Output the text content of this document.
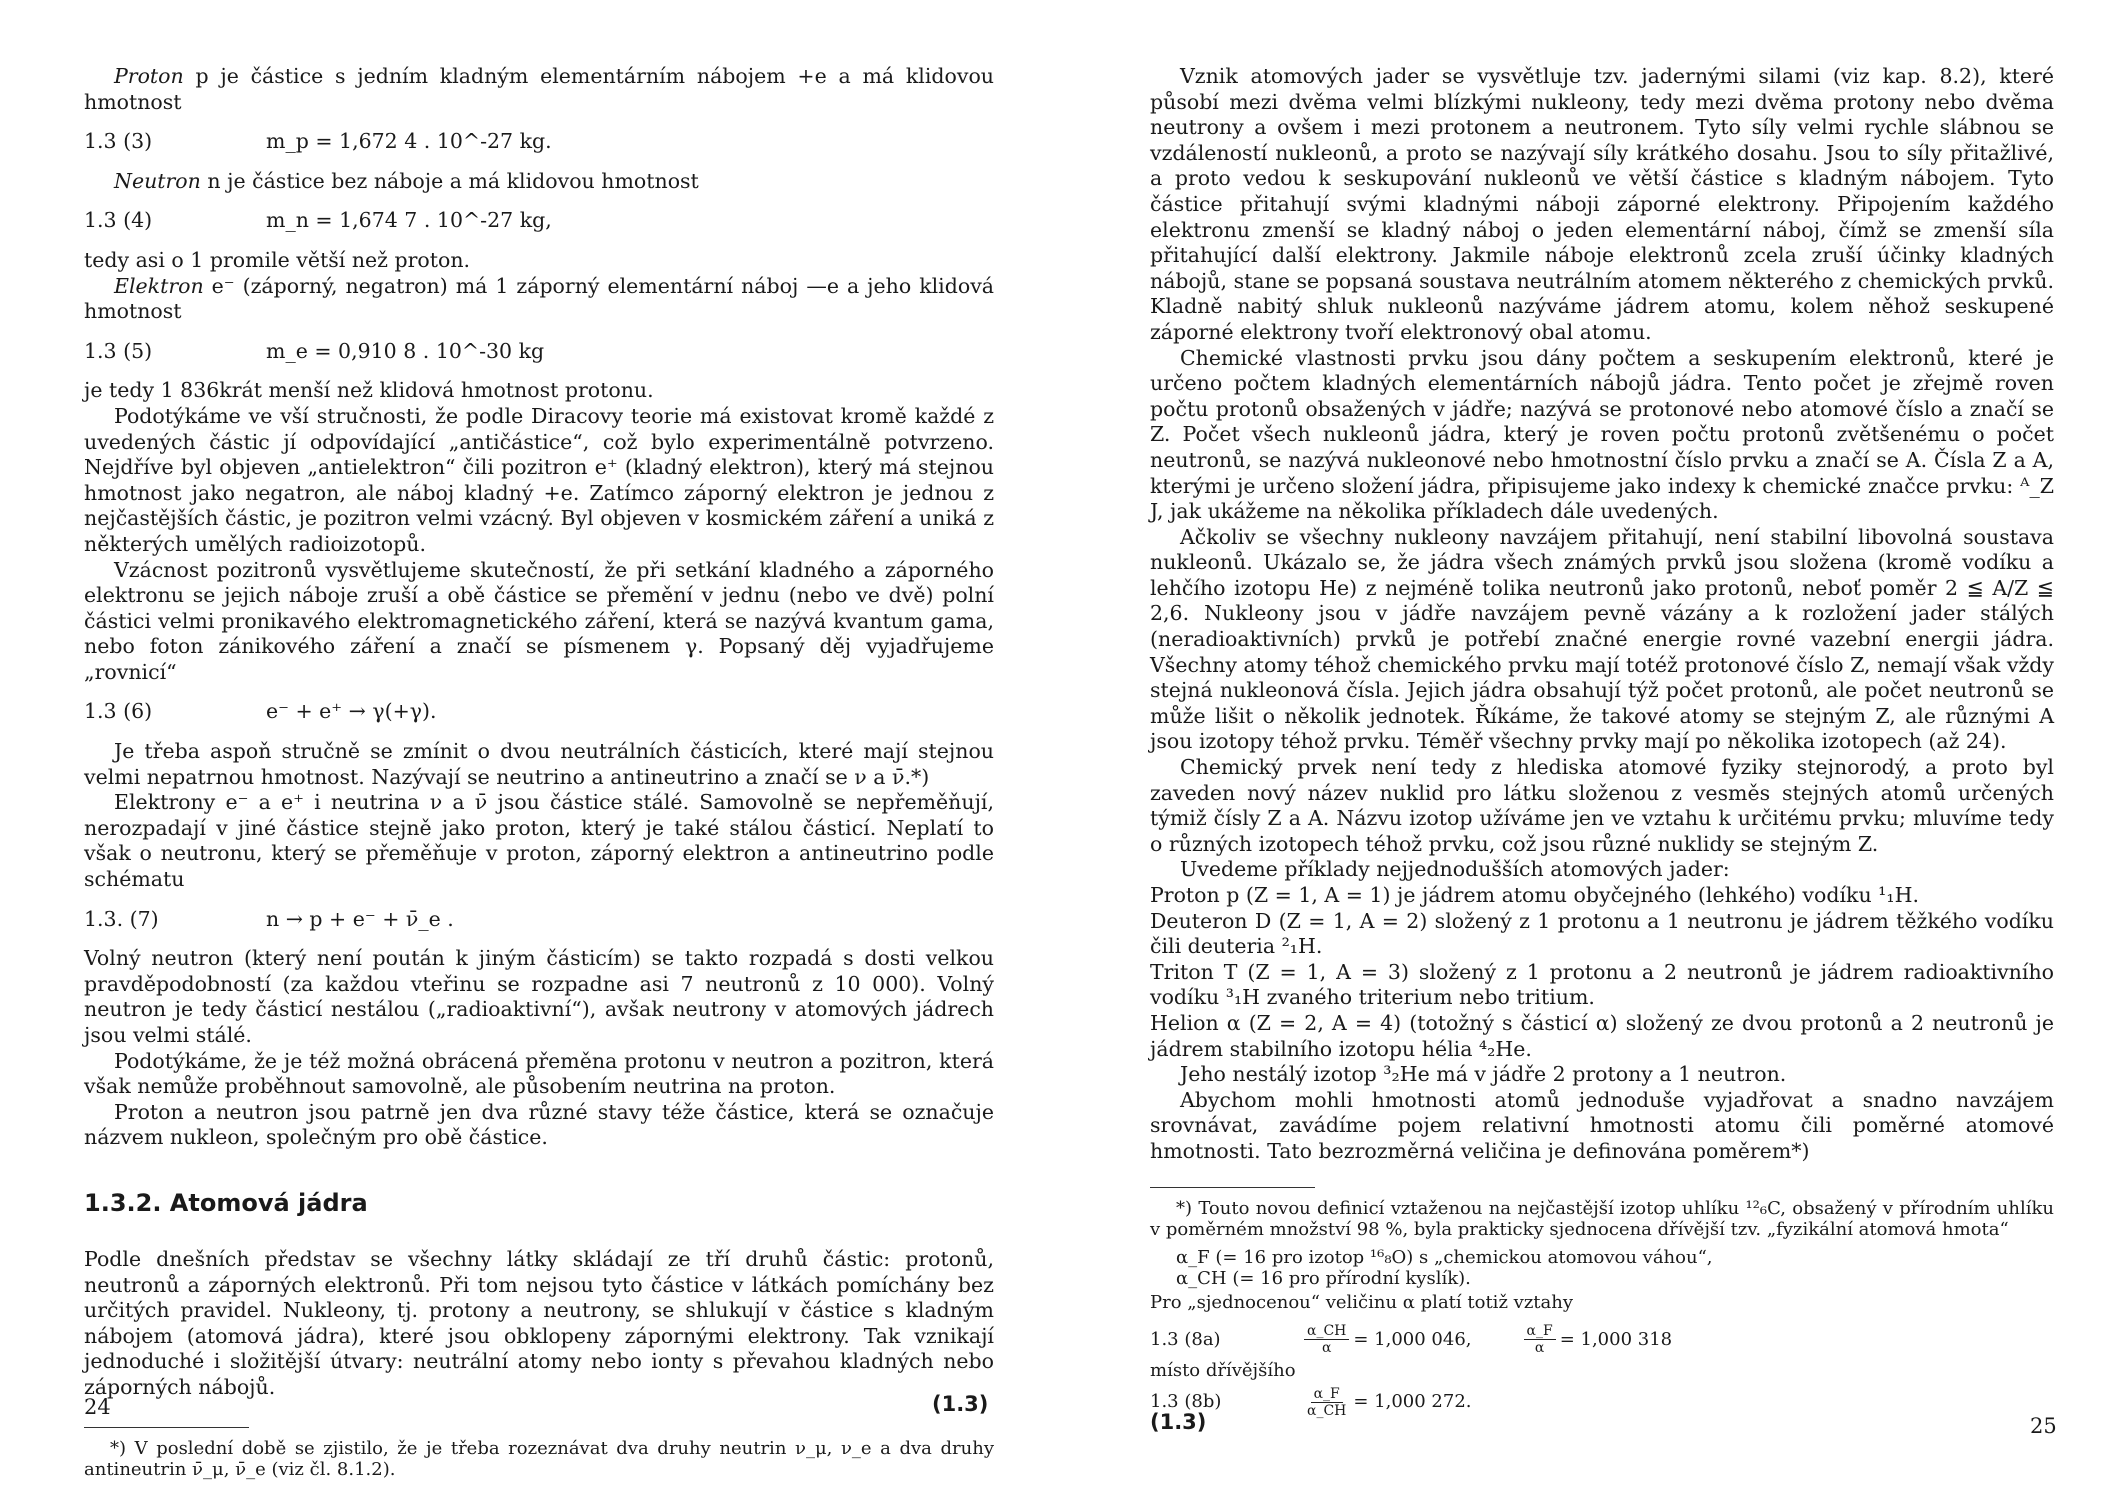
Proton p je částice s jedním kladným elementárním nábojem +e a má klidovou hmotnost

1.3 (3)	m_p = 1,672 4 . 10^-27 kg.

Neutron n je částice bez náboje a má klidovou hmotnost

1.3 (4)	m_n = 1,674 7 . 10^-27 kg,

tedy asi o 1 promile větší než proton.

Elektron e⁻ (záporný, negatron) má 1 záporný elementární náboj —e a jeho klidová hmotnost

1.3 (5)	m_e = 0,910 8 . 10^-30 kg

je tedy 1 836krát menší než klidová hmotnost protonu.

Podotýkáme ve vší stručnosti, že podle Diracovy teorie má existovat kromě každé z uvedených částic jí odpovídající „antičástice“, což bylo experimentálně potvrzeno. Nejdříve byl objeven „antielektron“ čili pozitron e⁺ (kladný elektron), který má stejnou hmotnost jako negatron, ale náboj kladný +e. Zatímco záporný elektron je jednou z nejčastějších částic, je pozitron velmi vzácný. Byl objeven v kosmickém záření a uniká z některých umělých radioizotopů.

Vzácnost pozitronů vysvětlujeme skutečností, že při setkání kladného a záporného elektronu se jejich náboje zruší a obě částice se přemění v jednu (nebo ve dvě) polní částici velmi pronikavého elektromagnetického záření, která se nazývá kvantum gama, nebo foton zánikového záření a značí se písmenem γ. Popsaný děj vyjadřujeme „rovnicí“

1.3 (6)	e⁻ + e⁺ → γ(+γ).

Je třeba aspoň stručně se zmínit o dvou neutrálních částicích, které mají stejnou velmi nepatrnou hmotnost. Nazývají se neutrino a antineutrino a značí se ν a ν̄.*)

Elektrony e⁻ a e⁺ i neutrina ν a ν̄ jsou částice stálé. Samovolně se nepřeměňují, nerozpadají v jiné částice stejně jako proton, který je také stálou částicí. Neplatí to však o neutronu, který se přeměňuje v proton, záporný elektron a antineutrino podle schématu

1.3. (7)	n → p + e⁻ + ν̄_e .

Volný neutron (který není poután k jiným částicím) se takto rozpadá s dosti velkou pravděpodobností (za každou vteřinu se rozpadne asi 7 neutronů z 10 000). Volný neutron je tedy částicí nestálou („radioaktivní“), avšak neutrony v atomových jádrech jsou velmi stálé.

Podotýkáme, že je též možná obrácená přeměna protonu v neutron a pozitron, která však nemůže proběhnout samovolně, ale působením neutrina na proton.

Proton a neutron jsou patrně jen dva různé stavy téže částice, která se označuje názvem nukleon, společným pro obě částice.

1.3.2. Atomová jádra

Podle dnešních představ se všechny látky skládají ze tří druhů částic: protonů, neutronů a záporných elektronů. Při tom nejsou tyto částice v látkách pomíchány bez určitých pravidel. Nukleony, tj. protony a neutrony, se shlukují v částice s kladným nábojem (atomová jádra), které jsou obklopeny zápornými elektrony. Tak vznikají jednoduché i složitější útvary: neutrální atomy nebo ionty s převahou kladných nebo záporných nábojů.

*) V poslední době se zjistilo, že je třeba rozeznávat dva druhy neutrin ν_μ, ν_e a dva druhy antineutrin ν̄_μ, ν̄_e (viz čl. 8.1.2).

24	(1.3)

Vznik atomových jader se vysvětluje tzv. jadernými silami (viz kap. 8.2), které působí mezi dvěma velmi blízkými nukleony, tedy mezi dvěma protony nebo dvěma neutrony a ovšem i mezi protonem a neutronem. Tyto síly velmi rychle slábnou se vzdáleností nukleonů, a proto se nazývají síly krátkého dosahu. Jsou to síly přitažlivé, a proto vedou k seskupování nukleonů ve větší částice s kladným nábojem. Tyto částice přitahují svými kladnými náboji záporné elektrony. Připojením každého elektronu zmenší se kladný náboj o jeden elementární náboj, čímž se zmenší síla přitahující další elektrony. Jakmile náboje elektronů zcela zruší účinky kladných nábojů, stane se popsaná soustava neutrálním atomem některého z chemických prvků. Kladně nabitý shluk nukleonů nazýváme jádrem atomu, kolem něhož seskupené záporné elektrony tvoří elektronový obal atomu.

Chemické vlastnosti prvku jsou dány počtem a seskupením elektronů, které je určeno počtem kladných elementárních nábojů jádra. Tento počet je zřejmě roven počtu protonů obsažených v jádře; nazývá se protonové nebo atomové číslo a značí se Z. Počet všech nukleonů jádra, který je roven počtu protonů zvětšenému o počet neutronů, se nazývá nukleonové nebo hmotnostní číslo prvku a značí se A. Čísla Z a A, kterými je určeno složení jádra, připisujeme jako indexy k chemické značce prvku: ᴬ_Z J, jak ukážeme na několika příkladech dále uvedených.

Ačkoliv se všechny nukleony navzájem přitahují, není stabilní libovolná soustava nukleonů. Ukázalo se, že jádra všech známých prvků jsou složena (kromě vodíku a lehčího izotopu He) z nejméně tolika neutronů jako protonů, neboť poměr 2 ≦ A/Z ≦ 2,6. Nukleony jsou v jádře navzájem pevně vázány a k rozložení jader stálých (neradioaktivních) prvků je potřebí značné energie rovné vazební energii jádra. Všechny atomy téhož chemického prvku mají totéž protonové číslo Z, nemají však vždy stejná nukleonová čísla. Jejich jádra obsahují týž počet protonů, ale počet neutronů se může lišit o několik jednotek. Říkáme, že takové atomy se stejným Z, ale různými A jsou izotopy téhož prvku. Téměř všechny prvky mají po několika izotopech (až 24).

Chemický prvek není tedy z hlediska atomové fyziky stejnorodý, a proto byl zaveden nový název nuklid pro látku složenou z vesměs stejných atomů určených týmiž čísly Z a A. Názvu izotop užíváme jen ve vztahu k určitému prvku; mluvíme tedy o různých izotopech téhož prvku, což jsou různé nuklidy se stejným Z.

Uvedeme příklady nejjednodušších atomových jader:

Proton p (Z = 1, A = 1) je jádrem atomu obyčejného (lehkého) vodíku ¹₁H.

Deuteron D (Z = 1, A = 2) složený z 1 protonu a 1 neutronu je jádrem těžkého vodíku čili deuteria ²₁H.

Triton T (Z = 1, A = 3) složený z 1 protonu a 2 neutronů je jádrem radioaktivního vodíku ³₁H zvaného triterium nebo tritium.

Helion α (Z = 2, A = 4) (totožný s částicí α) složený ze dvou protonů a 2 neutronů je jádrem stabilního izotopu hélia ⁴₂He.

Jeho nestálý izotop ³₂He má v jádře 2 protony a 1 neutron.

Abychom mohli hmotnosti atomů jednoduše vyjadřovat a snadno navzájem srovnávat, zavádíme pojem relativní hmotnosti atomu čili poměrné atomové hmotnosti. Tato bezrozměrná veličina je definována poměrem*)

*) Touto novou definicí vztaženou na nejčastější izotop uhlíku ¹²₆C, obsažený v přírodním uhlíku v poměrném množství 98 %, byla prakticky sjednocena dřívější tzv. „fyzikální atomová hmota“

α_F (= 16 pro izotop ¹⁶₈O) s „chemickou atomovou váhou“,

α_CH (= 16 pro přírodní kyslík).

Pro „sjednocenou“ veličinu α platí totiž vztahy

1.3 (8a)	$\frac{\alpha\_CH}{\alpha} = 1,000$ 046,	$\frac{\alpha\_F}{\alpha} = 1,000$ 318

místo dřívějšího

1.3 (8b)	$\frac{\alpha\_F}{\alpha\_CH} = 1,000$ 272.
(1.3)	25
